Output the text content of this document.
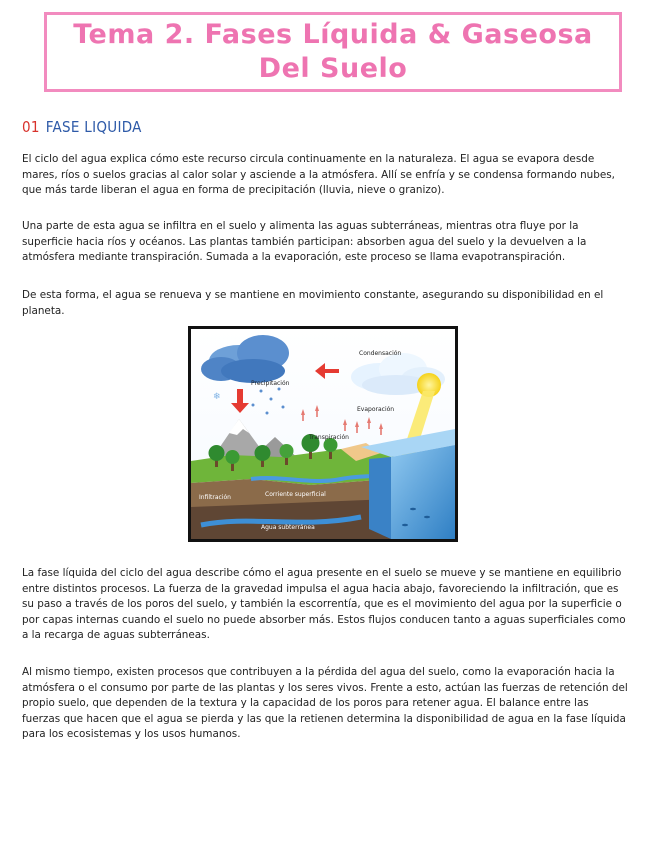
Tema 2. Fases Líquida & Gaseosa Del Suelo
01 FASE LIQUIDA

El ciclo del agua explica cómo este recurso circula continuamente en la naturaleza. El agua se evapora desde mares, ríos o suelos gracias al calor solar y asciende a la atmósfera. Allí se enfría y se condensa formando nubes, que más tarde liberan el agua en forma de precipitación (lluvia, nieve o granizo).

Una parte de esta agua se infiltra en el suelo y alimenta las aguas subterráneas, mientras otra fluye por la superficie hacia ríos y océanos. Las plantas también participan: absorben agua del suelo y la devuelven a la atmósfera mediante transpiración. Sumada a la evaporación, este proceso se llama evapotranspiración.

De esta forma, el agua se renueva y se mantiene en movimiento constante, asegurando su disponibilidad en el planeta.

❄
Condensación
Precipitación
Evaporación
Transpiración
Corriente superficial
Infiltración
Agua subterránea

La fase líquida del ciclo del agua describe cómo el agua presente en el suelo se mueve y se mantiene en equilibrio entre distintos procesos. La fuerza de la gravedad impulsa el agua hacia abajo, favoreciendo la infiltración, que es su paso a través de los poros del suelo, y también la escorrentía, que es el movimiento del agua por la superficie o por capas internas cuando el suelo no puede absorber más. Estos flujos conducen tanto a aguas superficiales como a la recarga de aguas subterráneas.

Al mismo tiempo, existen procesos que contribuyen a la pérdida del agua del suelo, como la evaporación hacia la atmósfera o el consumo por parte de las plantas y los seres vivos. Frente a esto, actúan las fuerzas de retención del propio suelo, que dependen de la textura y la capacidad de los poros para retener agua. El balance entre las fuerzas que hacen que el agua se pierda y las que la retienen determina la disponibilidad de agua en la fase líquida para los ecosistemas y los usos humanos.
